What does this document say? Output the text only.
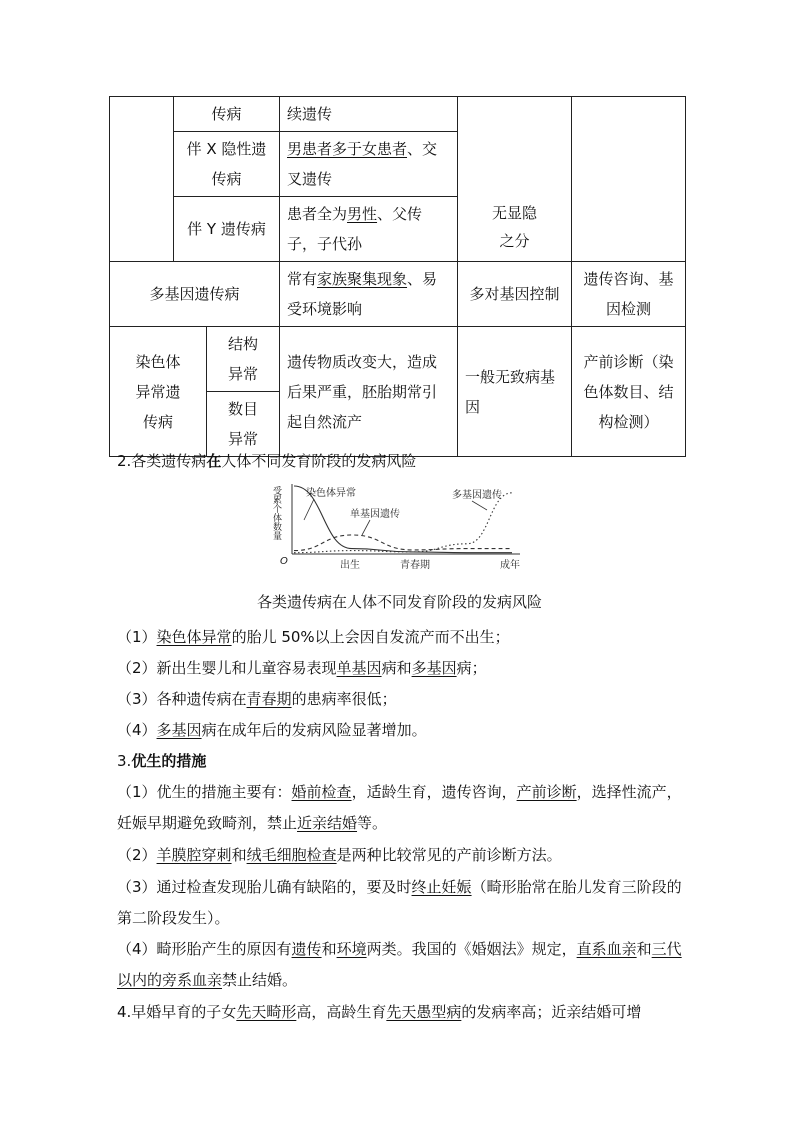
	传病		续遗传	无显隐之分	

	伴 X 隐性遗传病		男患者多于女患者、交叉遗传		
	伴 Y 遗传病		患者全为男性、父传子，子代孙		
多基因遗传病			常有家族聚集现象、易受环境影响	多对基因控制	遗传咨询、基因检测

染色体异常遗传病		结构异常	遗传物质改变大，造成后果严重，胚胎期常引起自然流产	一般无致病基因	产前诊断（染色体数目、结构检测）

		数目异常			
2.各类遗传病在人体不同发育阶段的发病风险
受累个体数量
O	出生	青春期	成年
染色体异常
单基因遗传
多基因遗传
各类遗传病在人体不同发育阶段的发病风险
（1）染色体异常的胎儿 50%以上会因自发流产而不出生；
（2）新出生婴儿和儿童容易表现单基因病和多基因病；
（3）各种遗传病在青春期的患病率很低；
（4）多基因病在成年后的发病风险显著增加。
3.优生的措施
（1）优生的措施主要有：婚前检查，适龄生育，遗传咨询，产前诊断，选择性流产，妊娠早期避免致畸剂，禁止近亲结婚等。
（2）羊膜腔穿刺和绒毛细胞检查是两种比较常见的产前诊断方法。
（3）通过检查发现胎儿确有缺陷的，要及时终止妊娠（畸形胎常在胎儿发育三阶段的第二阶段发生）。
（4）畸形胎产生的原因有遗传和环境两类。我国的《婚姻法》规定，直系血亲和三代以内的旁系血亲禁止结婚。
4.早婚早育的子女先天畸形高，高龄生育先天愚型病的发病率高；近亲结婚可增
